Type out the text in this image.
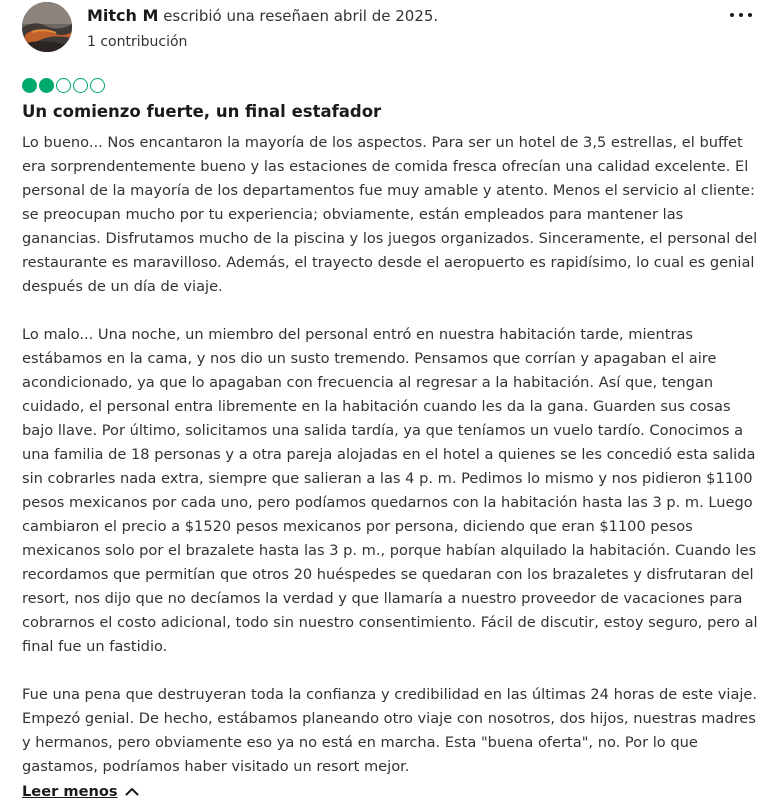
Mitch M escribió una reseñaen abril de 2025.
1 contribución
Un comienzo fuerte, un final estafador

Lo bueno... Nos encantaron la mayoría de los aspectos. Para ser un hotel de 3,5 estrellas, el buffet era sorprendentemente bueno y las estaciones de comida fresca ofrecían una calidad excelente. El personal de la mayoría de los departamentos fue muy amable y atento. Menos el servicio al cliente: se preocupan mucho por tu experiencia; obviamente, están empleados para mantener las ganancias. Disfrutamos mucho de la piscina y los juegos organizados. Sinceramente, el personal del restaurante es maravilloso. Además, el trayecto desde el aeropuerto es rapidísimo, lo cual es genial después de un día de viaje.

Lo malo... Una noche, un miembro del personal entró en nuestra habitación tarde, mientras estábamos en la cama, y nos dio un susto tremendo. Pensamos que corrían y apagaban el aire acondicionado, ya que lo apagaban con frecuencia al regresar a la habitación. Así que, tengan cuidado, el personal entra libremente en la habitación cuando les da la gana. Guarden sus cosas bajo llave. Por último, solicitamos una salida tardía, ya que teníamos un vuelo tardío. Conocimos a una familia de 18 personas y a otra pareja alojadas en el hotel a quienes se les concedió esta salida sin cobrarles nada extra, siempre que salieran a las 4 p. m. Pedimos lo mismo y nos pidieron $1100 pesos mexicanos por cada uno, pero podíamos quedarnos con la habitación hasta las 3 p. m. Luego cambiaron el precio a $1520 pesos mexicanos por persona, diciendo que eran $1100 pesos mexicanos solo por el brazalete hasta las 3 p. m., porque habían alquilado la habitación. Cuando les recordamos que permitían que otros 20 huéspedes se quedaran con los brazaletes y disfrutaran del resort, nos dijo que no decíamos la verdad y que llamaría a nuestro proveedor de vacaciones para cobrarnos el costo adicional, todo sin nuestro consentimiento. Fácil de discutir, estoy seguro, pero al final fue un fastidio.

Fue una pena que destruyeran toda la confianza y credibilidad en las últimas 24 horas de este viaje. Empezó genial. De hecho, estábamos planeando otro viaje con nosotros, dos hijos, nuestras madres y hermanos, pero obviamente eso ya no está en marcha. Esta "buena oferta", no. Por lo que gastamos, podríamos haber visitado un resort mejor.

Leer menos
